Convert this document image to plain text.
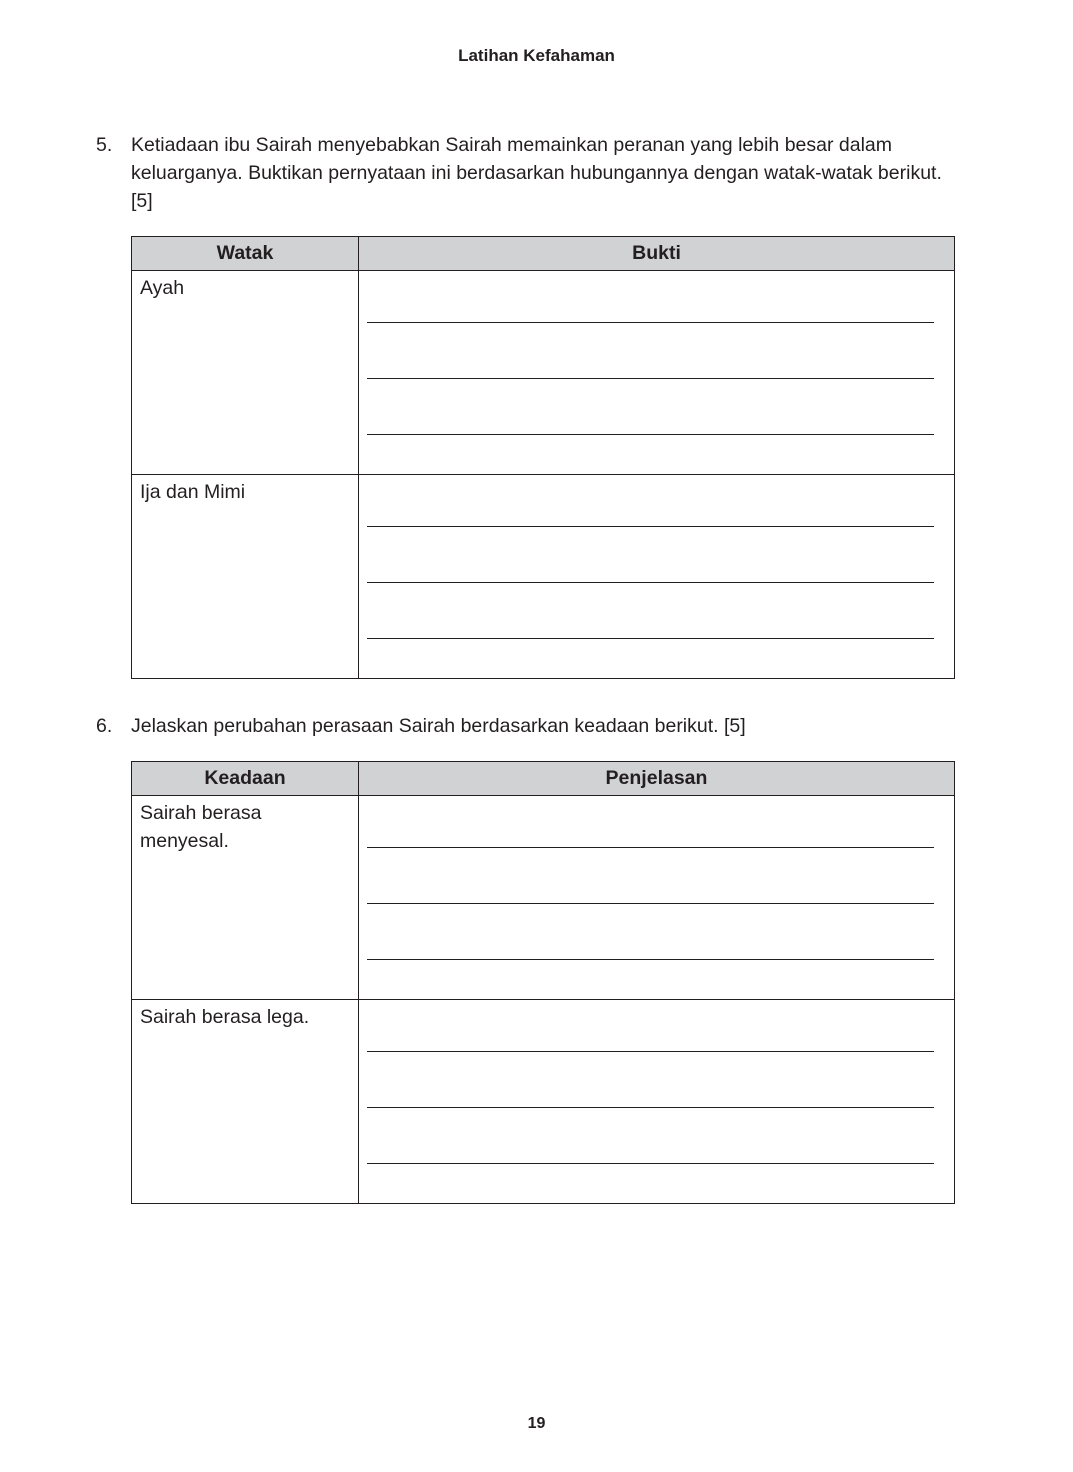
Latihan Kefahaman
5. Ketiadaan ibu Sairah menyebabkan Sairah memainkan peranan yang lebih besar dalam keluarganya. Buktikan pernyataan ini berdasarkan hubungannya dengan watak-watak berikut. [5]
Watak	Bukti
Ayah	

Ija dan Mimi	
6. Jelaskan perubahan perasaan Sairah berdasarkan keadaan berikut. [5]
Keadaan	Penjelasan
Sairah berasa menyesal.	

Sairah berasa lega.	
19
